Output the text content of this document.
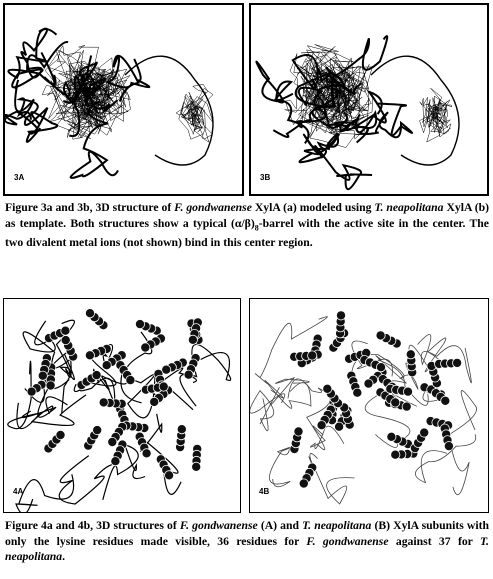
3A	3B
Figure 3a and 3b, 3D structure of F. gondwanense XylA (a) modeled using T. neapolitana XylA (b) as template. Both structures show a typical $(\alpha/\beta)_8$-barrel with the active site in the center. The two divalent metal ions (not shown) bind in this center region.
4A	4B
Figure 4a and 4b, 3D structures of F. gondwanense (A) and T. neapolitana (B) XylA subunits with only the lysine residues made visible, 36 residues for F. gondwanense against 37 for T. neapolitana.
